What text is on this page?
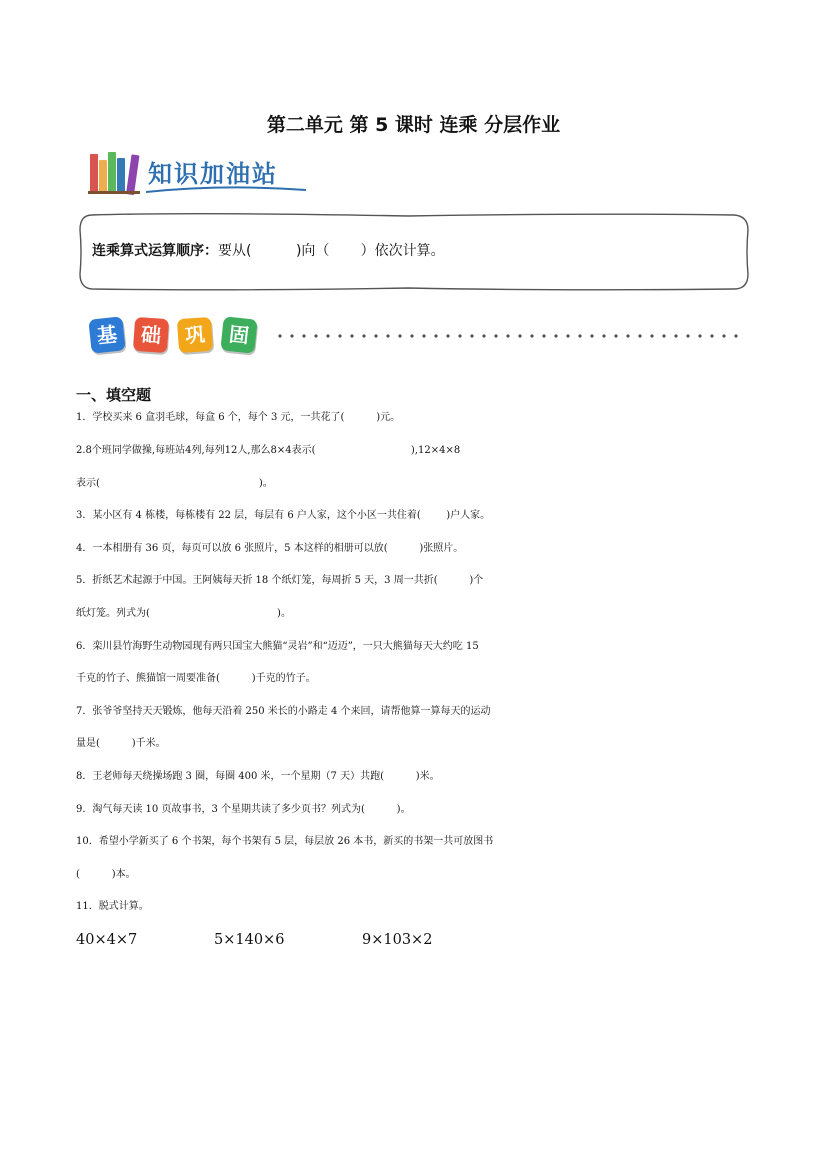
第二单元 第 5 课时 连乘 分层作业
知识加油站
连乘算式运算顺序：要从(          )向（       ）依次计算。
基	础	巩	固
一、填空题
1．学校买来 6 盒羽毛球，每盒 6 个，每个 3 元，一共花了(          )元。
2.8个班同学做操,每班站4列,每列12人,那么8×4表示(                              ),12×4×8
表示(                                                  )。
3．某小区有 4 栋楼，每栋楼有 22 层，每层有 6 户人家，这个小区一共住着(        )户人家。
4．一本相册有 36 页，每页可以放 6 张照片，5 本这样的相册可以放(          )张照片。
5．折纸艺术起源于中国。王阿姨每天折 18 个纸灯笼，每周折 5 天，3 周一共折(          )个
纸灯笼。列式为(                                        )。
6．栾川县竹海野生动物园现有两只国宝大熊猫“灵岩”和“迈迈”，一只大熊猫每天大约吃 15
千克的竹子、熊猫馆一周要准备(          )千克的竹子。
7．张爷爷坚持天天锻炼，他每天沿着 250 米长的小路走 4 个来回，请帮他算一算每天的运动
量是(          )千米。
8．王老师每天绕操场跑 3 圈，每圈 400 米，一个星期（7 天）共跑(          )米。
9．淘气每天读 10 页故事书，3 个星期共读了多少页书？列式为(          )。
10．希望小学新买了 6 个书架，每个书架有 5 层，每层放 26 本书，新买的书架一共可放图书
(          )本。
11．脱式计算。
40×4×7	5×140×6	9×103×2
